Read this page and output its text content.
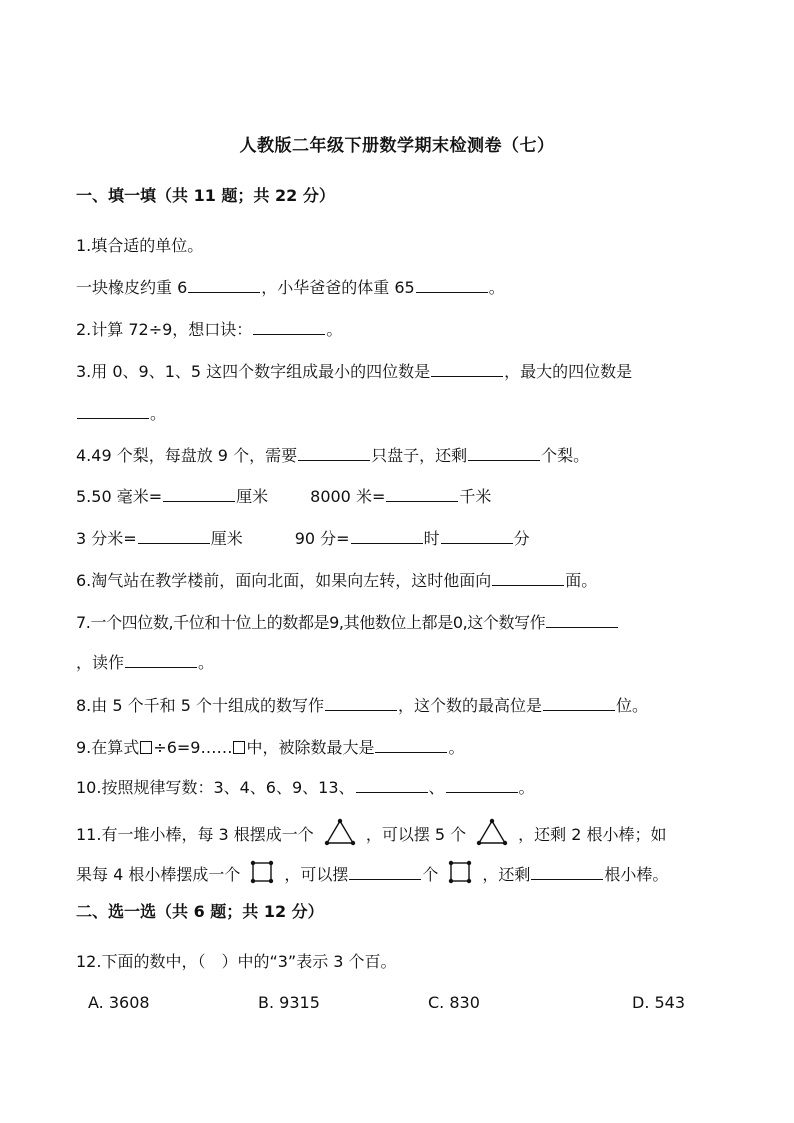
人教版二年级下册数学期末检测卷（七）
一、填一填（共 11 题；共 22 分）
1.填合适的单位。
一块橡皮约重 6	，小华爸爸的体重 65	。
2.计算 72÷9，想口诀：	。
3.用 0、9、1、5 这四个数字组成最小的四位数是	，最大的四位数是
。
4.49 个梨，每盘放 9 个，需要	只盘子，还剩	个梨。
5.50 毫米=	厘米	8000 米=	千米
3 分米=	厘米	90 分=	时	分
6.淘气站在教学楼前，面向北面，如果向左转，这时他面向	面。
7.一个四位数,千位和十位上的数都是9,其他数位上都是0,这个数写作
，读作	。
8.由 5 个千和 5 个十组成的数写作	，这个数的最高位是	位。
9.在算式 ÷6=9…… 中，被除数最大是	。
10.按照规律写数：3、4、6、9、13、	、	。
11.有一堆小棒，每 3 根摆成一个	，可以摆 5 个	，还剩 2 根小棒；如
果每 4 根小棒摆成一个	，可以摆	个	，还剩	根小棒。
二、选一选（共 6 题；共 12 分）
12.下面的数中，（　）中的“3”表示 3 个百。
A. 3608	B. 9315	C. 830	D. 543
